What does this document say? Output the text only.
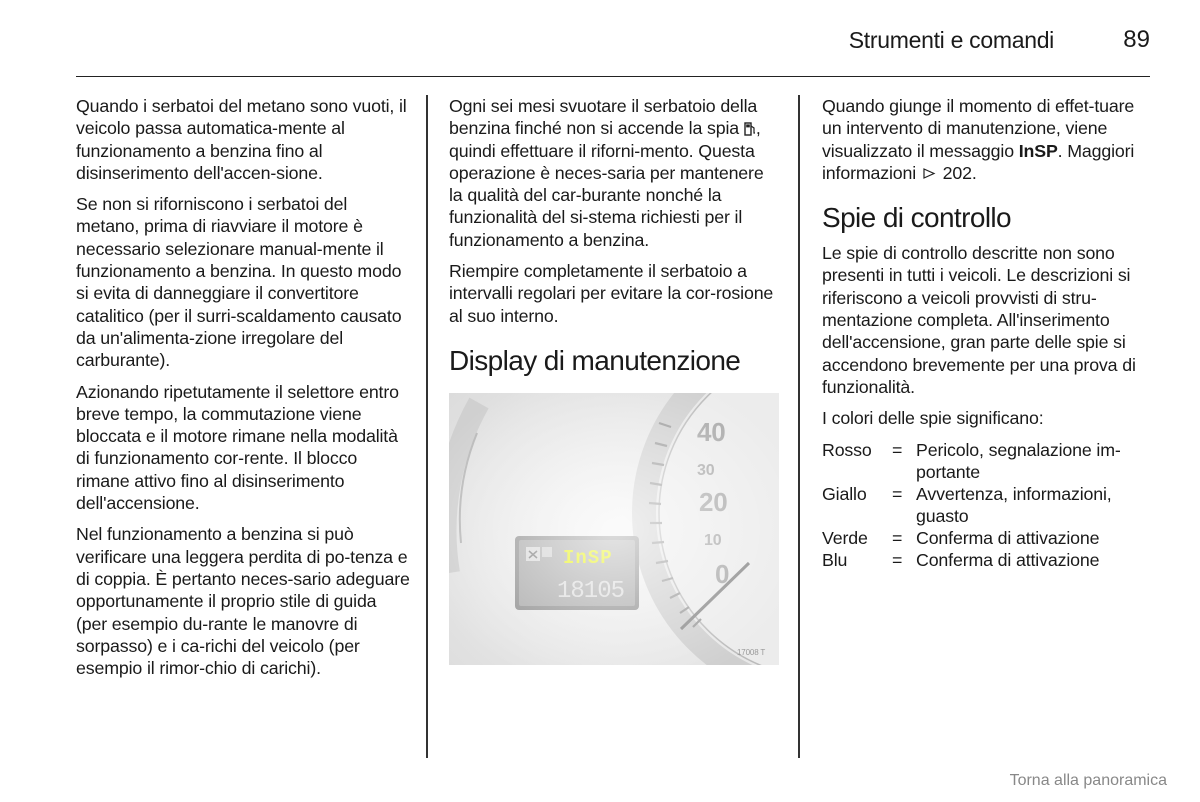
Strumenti e comandi	89

Quando i serbatoi del metano sono vuoti, il veicolo passa automatica-mente al funzionamento a benzina fino al disinserimento dell'accen-sione.

Se non si riforniscono i serbatoi del metano, prima di riavviare il motore è necessario selezionare manual-mente il funzionamento a benzina. In questo modo si evita di danneggiare il convertitore catalitico (per il surri-scaldamento causato da un'alimenta-zione irregolare del carburante).

Azionando ripetutamente il selettore entro breve tempo, la commutazione viene bloccata e il motore rimane nella modalità di funzionamento cor-rente. Il blocco rimane attivo fino al disinserimento dell'accensione.

Nel funzionamento a benzina si può verificare una leggera perdita di po-tenza e di coppia. È pertanto neces-sario adeguare opportunamente il proprio stile di guida (per esempio du-rante le manovre di sorpasso) e i ca-richi del veicolo (per esempio il rimor-chio di carichi).

Ogni sei mesi svuotare il serbatoio della benzina finché non si accende la spia , quindi effettuare il riforni-mento. Questa operazione è neces-saria per mantenere la qualità del car-burante nonché la funzionalità del si-stema richiesti per il funzionamento a benzina.

Riempire completamente il serbatoio a intervalli regolari per evitare la cor-rosione al suo interno.

Display di manutenzione
17008 T

Quando giunge il momento di effet-tuare un intervento di manutenzione, viene visualizzato il messaggio InSP. Maggiori informazioni 202.

Spie di controllo

Le spie di controllo descritte non sono presenti in tutti i veicoli. Le descrizioni si riferiscono a veicoli provvisti di stru-mentazione completa. All'inserimento dell'accensione, gran parte delle spie si accendono brevemente per una prova di funzionalità.

I colori delle spie significano:

Rosso	= Pericolo, segnalazione im-portante
Giallo	= Avvertenza, informazioni, guasto
Verde	= Conferma di attivazione
Blu	= Conferma di attivazione
Torna alla panoramica
